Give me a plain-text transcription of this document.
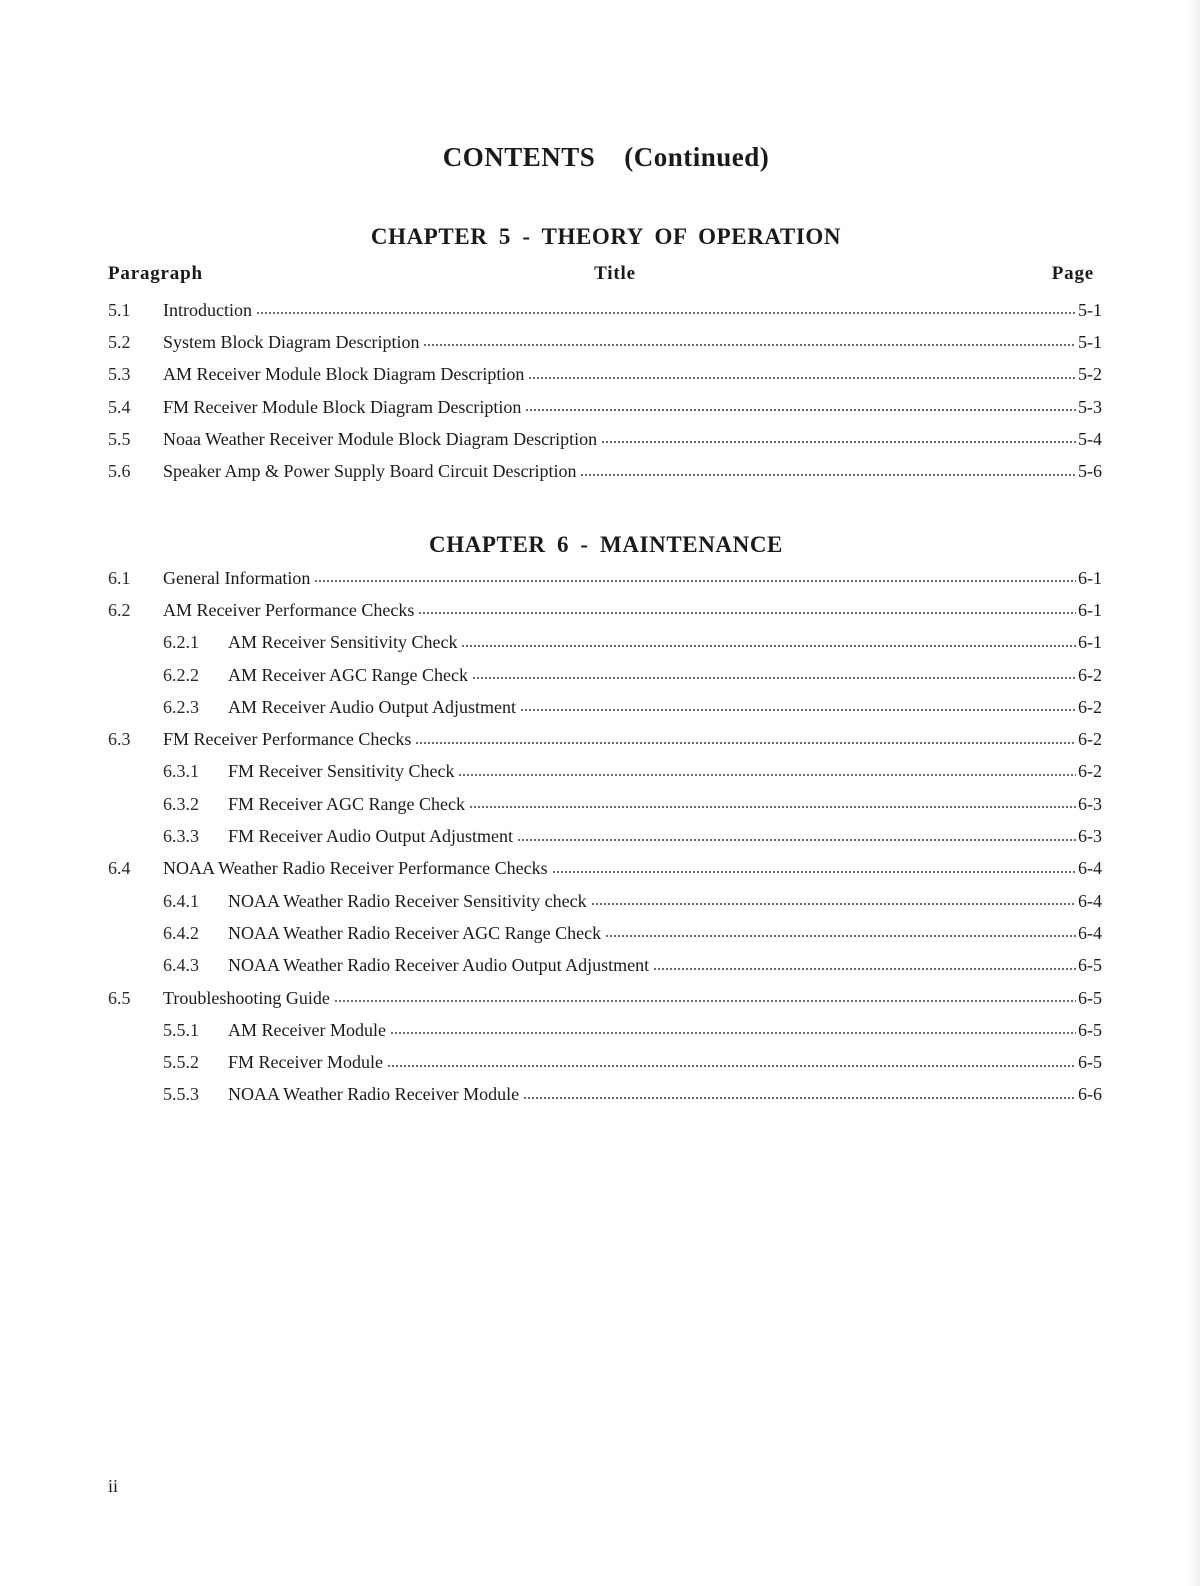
CONTENTS    (Continued)
CHAPTER 5 - THEORY OF OPERATION
Paragraph	Title	Page
5.1	Introduction	5-1
5.2	System Block Diagram Description	5-1
5.3	AM Receiver Module Block Diagram Description	5-2
5.4	FM Receiver Module Block Diagram Description	5-3
5.5	Noaa Weather Receiver Module Block Diagram Description	5-4
5.6	Speaker Amp & Power Supply Board Circuit Description	5-6
CHAPTER 6 - MAINTENANCE
6.1	General Information	6-1
6.2	AM Receiver Performance Checks	6-1
6.2.1	AM Receiver Sensitivity Check	6-1
6.2.2	AM Receiver AGC Range Check	6-2
6.2.3	AM Receiver Audio Output Adjustment	6-2
6.3	FM Receiver Performance Checks	6-2
6.3.1	FM Receiver Sensitivity Check	6-2
6.3.2	FM Receiver AGC Range Check	6-3
6.3.3	FM Receiver Audio Output Adjustment	6-3
6.4	NOAA Weather Radio Receiver Performance Checks	6-4
6.4.1	NOAA Weather Radio Receiver Sensitivity check	6-4
6.4.2	NOAA Weather Radio Receiver AGC Range Check	6-4
6.4.3	NOAA Weather Radio Receiver Audio Output Adjustment	6-5
6.5	Troubleshooting Guide	6-5
5.5.1	AM Receiver Module	6-5
5.5.2	FM Receiver Module	6-5
5.5.3	NOAA Weather Radio Receiver Module	6-6
ii
